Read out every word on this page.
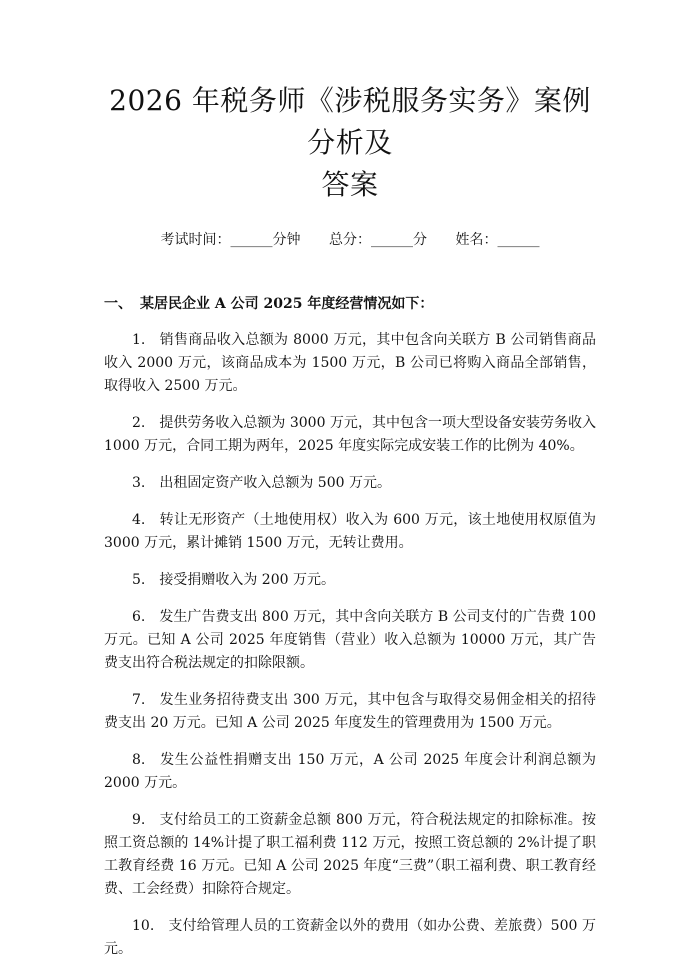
2026 年税务师《涉税服务实务》案例分析及
答案
考试时间：______分钟 总分：______分 姓名：______
一、 某居民企业 A 公司 2025 年度经营情况如下：

1. 销售商品收入总额为 8000 万元，其中包含向关联方 B 公司销售商品收入 2000 万元，该商品成本为 1500 万元，B 公司已将购入商品全部销售，取得收入 2500 万元。

2. 提供劳务收入总额为 3000 万元，其中包含一项大型设备安装劳务收入 1000 万元，合同工期为两年，2025 年度实际完成安装工作的比例为 40%。

3. 出租固定资产收入总额为 500 万元。

4. 转让无形资产（土地使用权）收入为 600 万元，该土地使用权原值为 3000 万元，累计摊销 1500 万元，无转让费用。

5. 接受捐赠收入为 200 万元。

6. 发生广告费支出 800 万元，其中含向关联方 B 公司支付的广告费 100 万元。已知 A 公司 2025 年度销售（营业）收入总额为 10000 万元，其广告费支出符合税法规定的扣除限额。

7. 发生业务招待费支出 300 万元，其中包含与取得交易佣金相关的招待费支出 20 万元。已知 A 公司 2025 年度发生的管理费用为 1500 万元。

8. 发生公益性捐赠支出 150 万元，A 公司 2025 年度会计利润总额为 2000 万元。

9. 支付给员工的工资薪金总额 800 万元，符合税法规定的扣除标准。按照工资总额的 14%计提了职工福利费 112 万元，按照工资总额的 2%计提了职工教育经费 16 万元。已知 A 公司 2025 年度“三费”（职工福利费、职工教育经费、工会经费）扣除符合规定。

10. 支付给管理人员的工资薪金以外的费用（如办公费、差旅费）500 万元。
